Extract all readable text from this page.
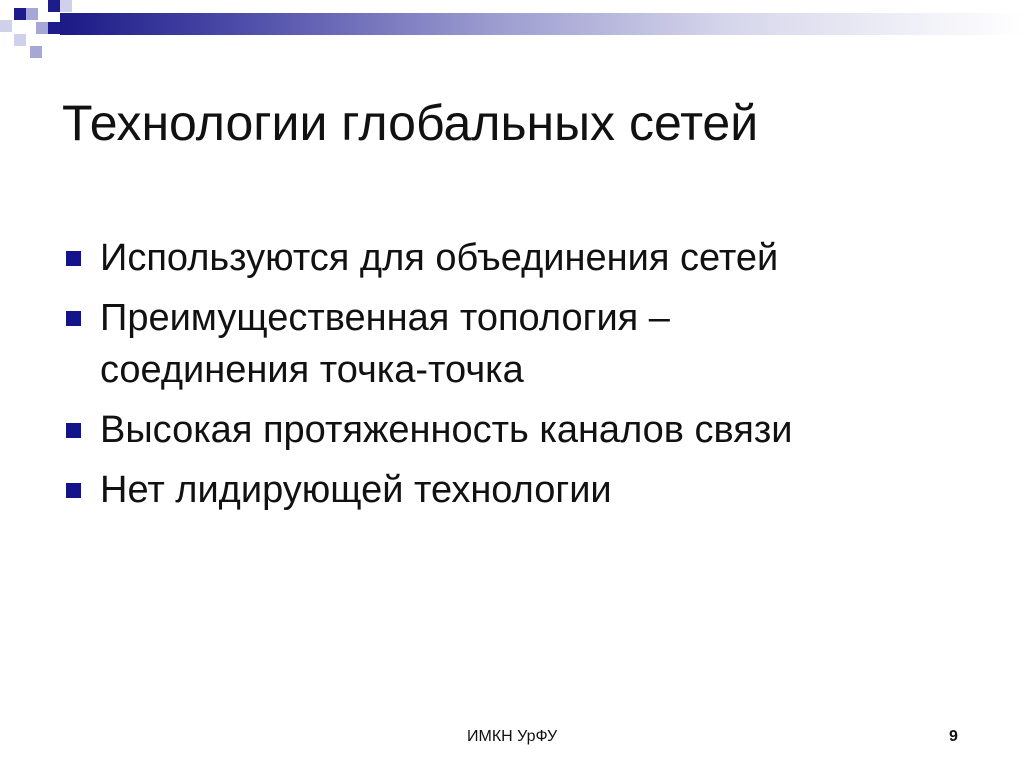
Технологии глобальных сетей
Используются для объединения сетей
Преимущественная топология –
соединения точка-точка
Высокая протяженность каналов связи
Нет лидирующей технологии
ИМКН УрФУ	9
